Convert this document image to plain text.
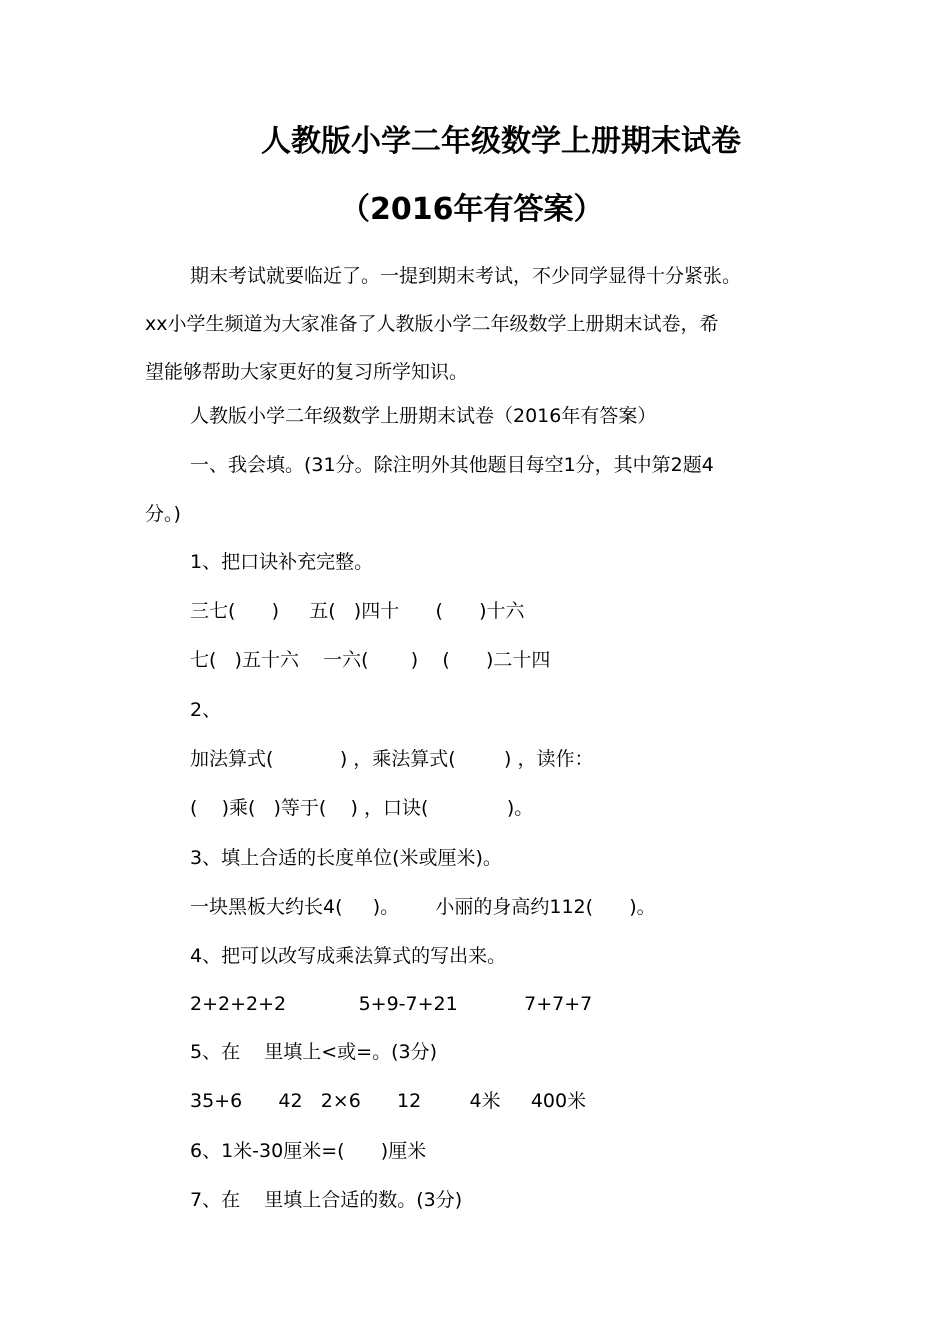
人教版小学二年级数学上册期末试卷
（2016年有答案）
期末考试就要临近了。一提到期末考试，不少同学显得十分紧张。
xx小学生频道为大家准备了人教版小学二年级数学上册期末试卷，希
望能够帮助大家更好的复习所学知识。
人教版小学二年级数学上册期末试卷（2016年有答案）
一、我会填。(31分。除注明外其他题目每空1分，其中第2题4
分。)
1、把口诀补充完整。
三七(      )     五(   )四十      (      )十六
七(   )五十六    一六(       )    (      )二十四
2、
加法算式(           ) ，乘法算式(        ) ，读作：
(    )乘(   )等于(    ) ，口诀(             )。
3、填上合适的长度单位(米或厘米)。
一块黑板大约长4(     )。      小丽的身高约112(      )。
4、把可以改写成乘法算式的写出来。
2+2+2+2            5+9-7+21           7+7+7
5、在    里填上<或=。(3分)
35+6      42   2×6      12        4米     400米
6、1米-30厘米=(      )厘米
7、在    里填上合适的数。(3分)
